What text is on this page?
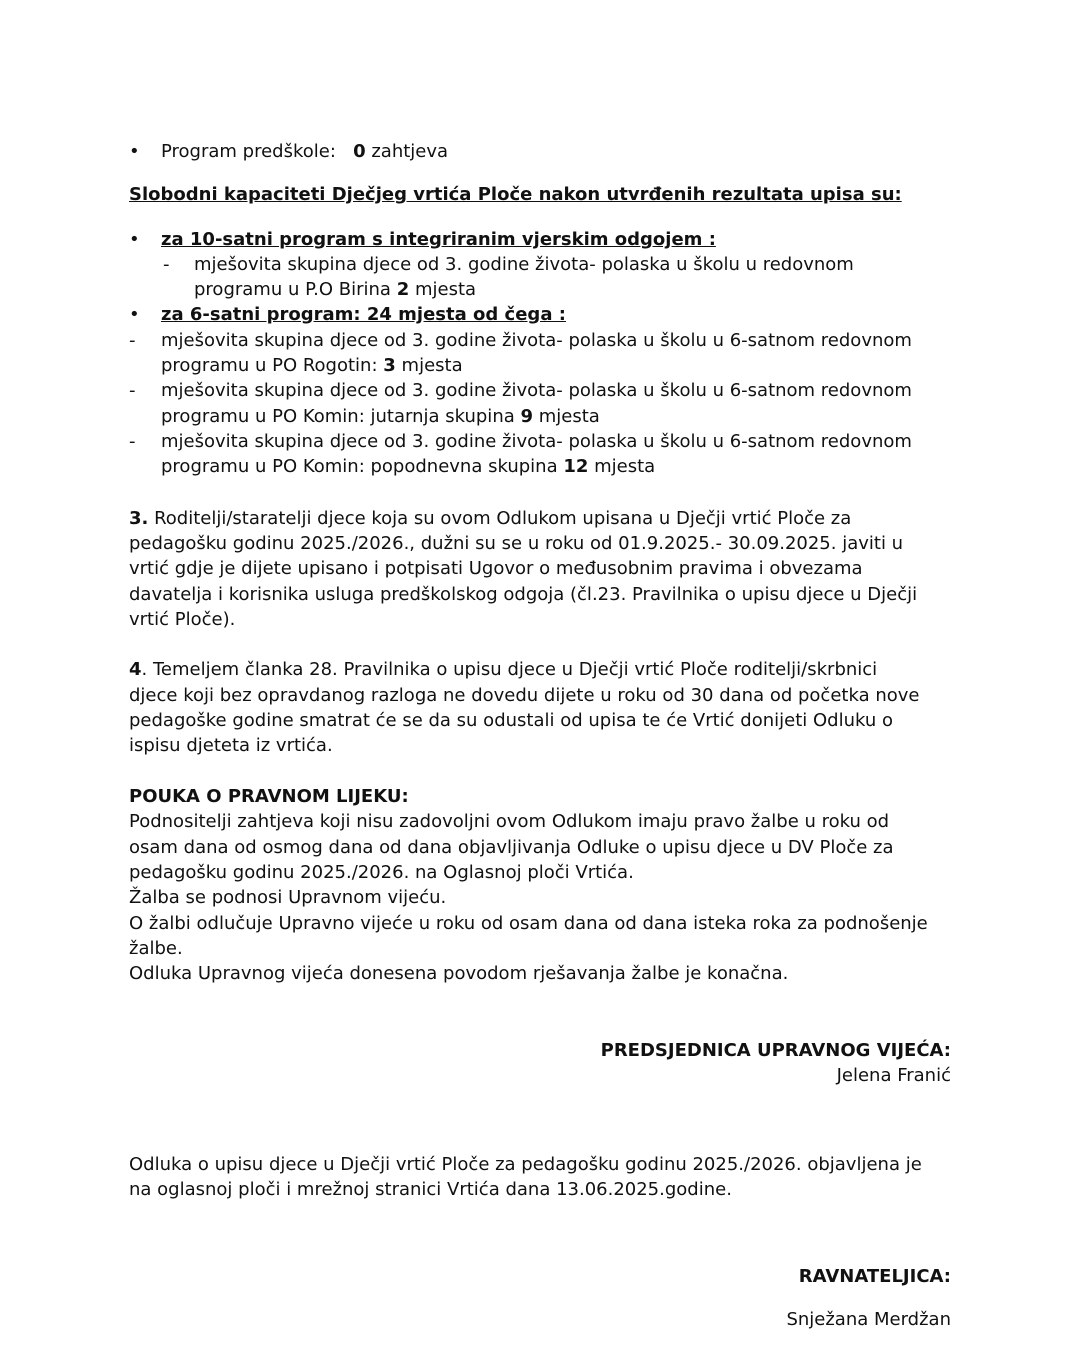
• Program predškole: 0 zahtjeva
Slobodni kapaciteti Dječjeg vrtića Ploče nakon utvrđenih rezultata upisa su:
• za 10-satni program s integriranim vjerskim odgojem :
- mješovita skupina djece od 3. godine života- polaska u školu u redovnom
programu u P.O Birina 2 mjesta
• za 6-satni program: 24 mjesta od čega :
- mješovita skupina djece od 3. godine života- polaska u školu u 6-satnom redovnom
programu u PO Rogotin: 3 mjesta
- mješovita skupina djece od 3. godine života- polaska u školu u 6-satnom redovnom
programu u PO Komin: jutarnja skupina 9 mjesta
- mješovita skupina djece od 3. godine života- polaska u školu u 6-satnom redovnom
programu u PO Komin: popodnevna skupina 12 mjesta
3. Roditelji/staratelji djece koja su ovom Odlukom upisana u Dječji vrtić Ploče za
pedagošku godinu 2025./2026., dužni su se u roku od 01.9.2025.- 30.09.2025. javiti u
vrtić gdje je dijete upisano i potpisati Ugovor o međusobnim pravima i obvezama
davatelja i korisnika usluga predškolskog odgoja (čl.23. Pravilnika o upisu djece u Dječji
vrtić Ploče).
4. Temeljem članka 28. Pravilnika o upisu djece u Dječji vrtić Ploče roditelji/skrbnici
djece koji bez opravdanog razloga ne dovedu dijete u roku od 30 dana od početka nove
pedagoške godine smatrat će se da su odustali od upisa te će Vrtić donijeti Odluku o
ispisu djeteta iz vrtića.
POUKA O PRAVNOM LIJEKU:
Podnositelji zahtjeva koji nisu zadovoljni ovom Odlukom imaju pravo žalbe u roku od
osam dana od osmog dana od dana objavljivanja Odluke o upisu djece u DV Ploče za
pedagošku godinu 2025./2026. na Oglasnoj ploči Vrtića.
Žalba se podnosi Upravnom vijeću.
O žalbi odlučuje Upravno vijeće u roku od osam dana od dana isteka roka za podnošenje
žalbe.
Odluka Upravnog vijeća donesena povodom rješavanja žalbe je konačna.
PREDSJEDNICA UPRAVNOG VIJEĆA:
Jelena Franić
Odluka o upisu djece u Dječji vrtić Ploče za pedagošku godinu 2025./2026. objavljena je
na oglasnoj ploči i mrežnoj stranici Vrtića dana 13.06.2025.godine.
RAVNATELJICA:
Snježana Merdžan
